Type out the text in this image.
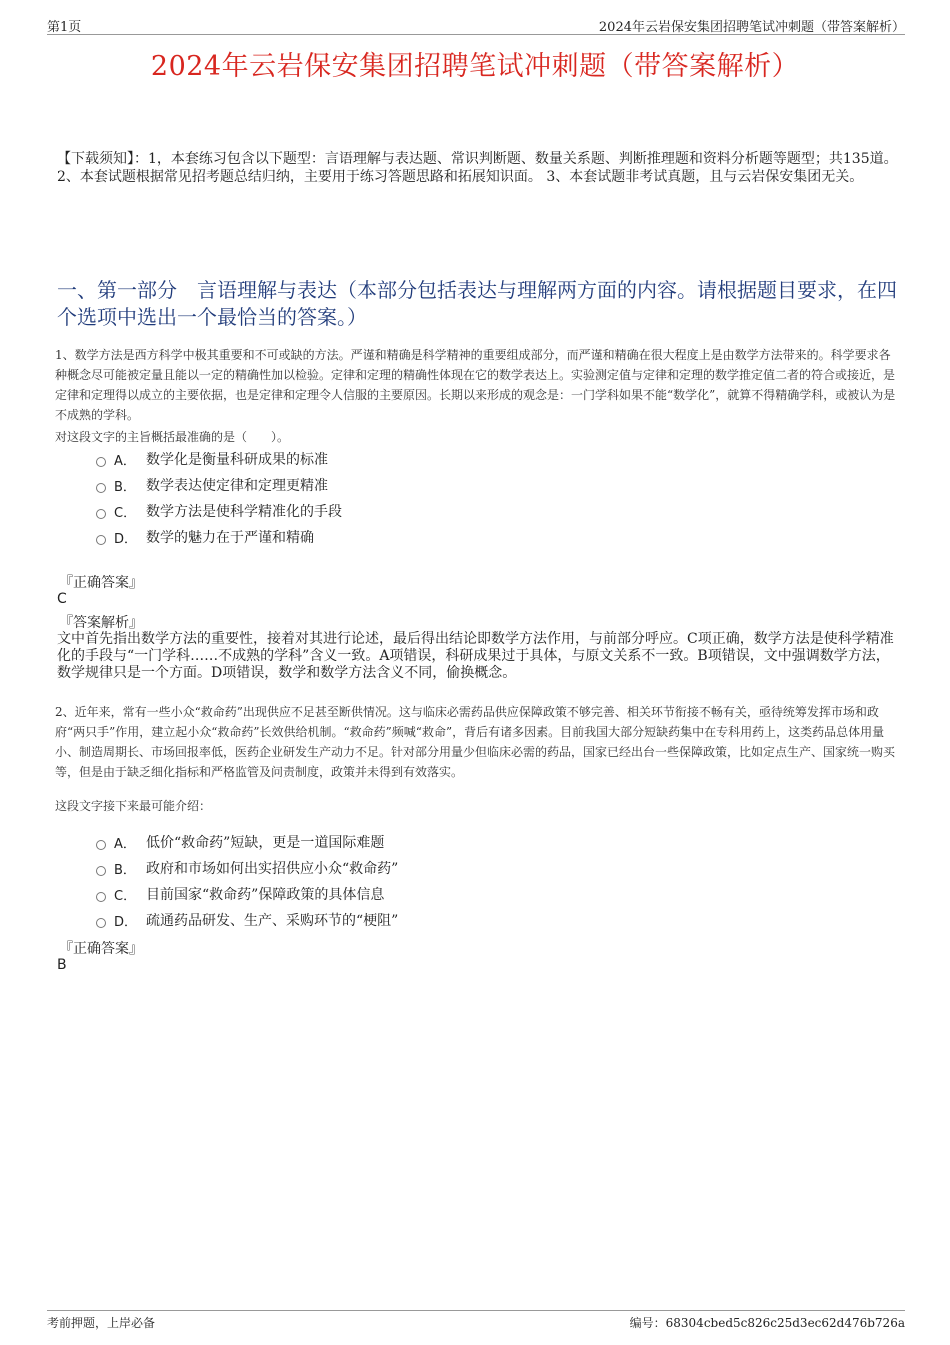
第1页	2024年云岩保安集团招聘笔试冲刺题（带答案解析）
2024年云岩保安集团招聘笔试冲刺题（带答案解析）
【下载须知】：1，本套练习包含以下题型：言语理解与表达题、常识判断题、数量关系题、判断推理题和资料分析题等题型；共135道。 2、本套试题根据常见招考题总结归纳，主要用于练习答题思路和拓展知识面。 3、本套试题非考试真题，且与云岩保安集团无关。
一、第一部分　言语理解与表达（本部分包括表达与理解两方面的内容。请根据题目要求，在四个选项中选出一个最恰当的答案。）
1、数学方法是西方科学中极其重要和不可或缺的方法。严谨和精确是科学精神的重要组成部分，而严谨和精确在很大程度上是由数学方法带来的。科学要求各种概念尽可能被定量且能以一定的精确性加以检验。定律和定理的精确性体现在它的数学表达上。实验测定值与定律和定理的数学推定值二者的符合或接近，是定律和定理得以成立的主要依据，也是定律和定理令人信服的主要原因。长期以来形成的观念是：一门学科如果不能“数学化”，就算不得精确学科，或被认为是不成熟的学科。
对这段文字的主旨概括最准确的是（　　）。
A． 数学化是衡量科研成果的标准
B． 数学表达使定律和定理更精准
C． 数学方法是使科学精准化的手段
D． 数学的魅力在于严谨和精确
『正确答案』
C
『答案解析』
文中首先指出数学方法的重要性，接着对其进行论述，最后得出结论即数学方法作用，与前部分呼应。C项正确，数学方法是使科学精准化的手段与“一门学科……不成熟的学科”含义一致。A项错误，科研成果过于具体，与原文关系不一致。B项错误，文中强调数学方法，数学规律只是一个方面。D项错误，数学和数学方法含义不同，偷换概念。
2、近年来，常有一些小众“救命药”出现供应不足甚至断供情况。这与临床必需药品供应保障政策不够完善、相关环节衔接不畅有关，亟待统筹发挥市场和政府“两只手”作用，建立起小众“救命药”长效供给机制。“救命药”频喊“救命”，背后有诸多因素。目前我国大部分短缺药集中在专科用药上，这类药品总体用量小、制造周期长、市场回报率低，医药企业研发生产动力不足。针对部分用量少但临床必需的药品，国家已经出台一些保障政策，比如定点生产、国家统一购买等，但是由于缺乏细化指标和严格监管及问责制度，政策并未得到有效落实。
这段文字接下来最可能介绍：
A． 低价“救命药”短缺，更是一道国际难题
B． 政府和市场如何出实招供应小众“救命药”
C． 目前国家“救命药”保障政策的具体信息
D． 疏通药品研发、生产、采购环节的“梗阻”
『正确答案』
B
考前押题，上岸必备	编号：68304cbed5c826c25d3ec62d476b726a
